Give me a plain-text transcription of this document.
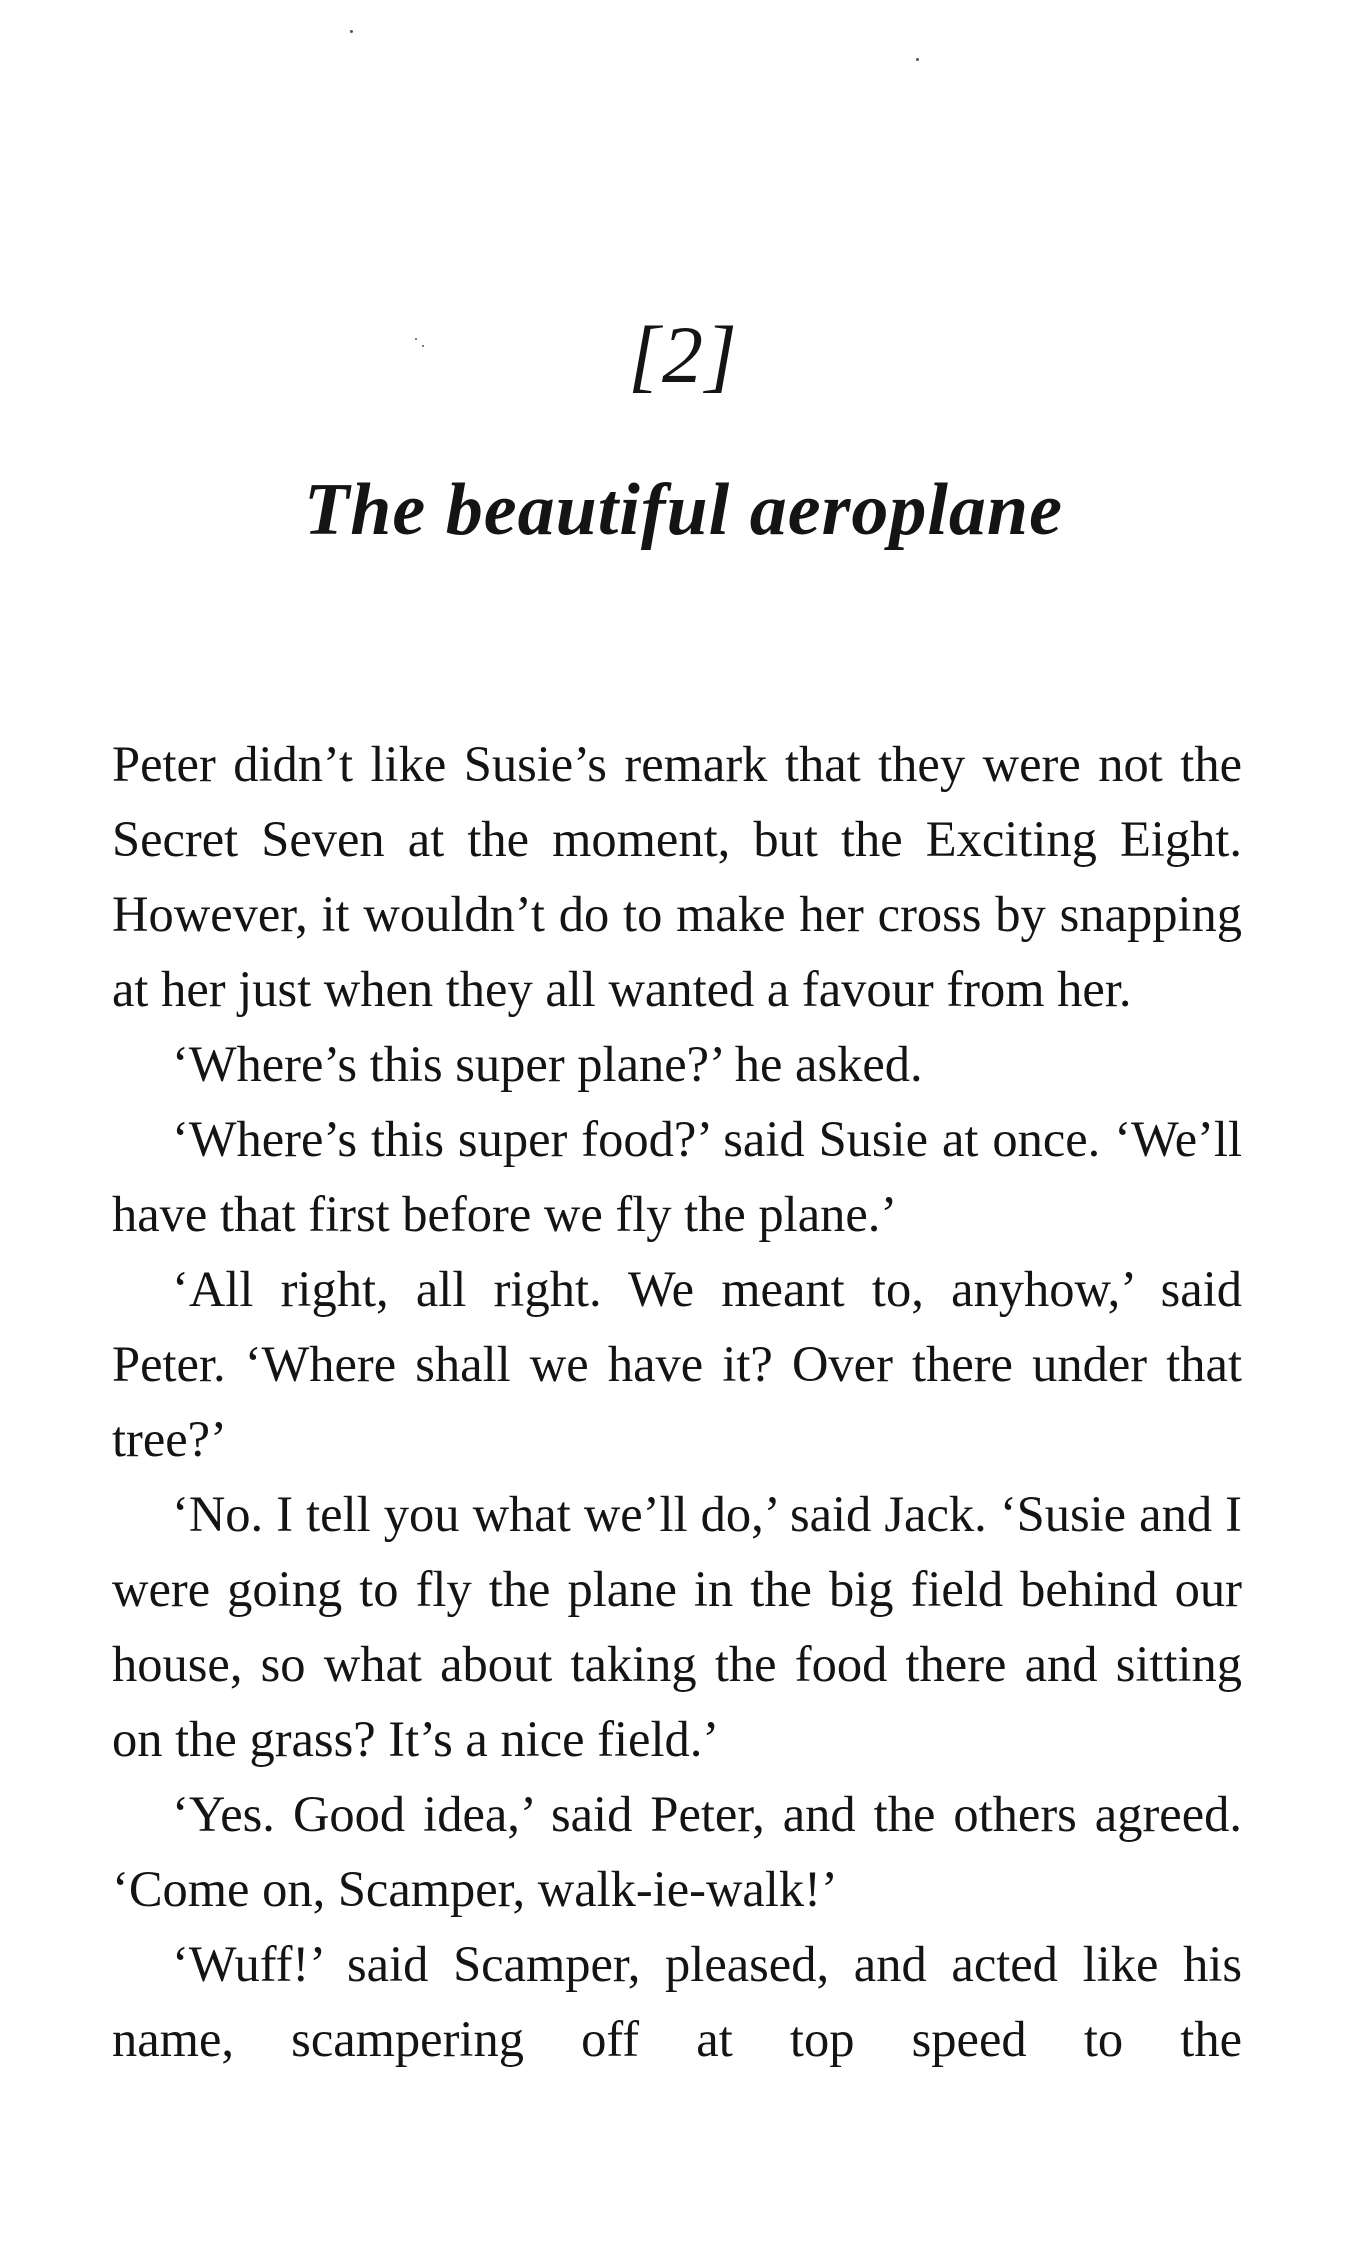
[2]
The beautiful aeroplane

Peter didn’t like Susie’s remark that they were not the Secret Seven at the moment, but the Exciting Eight. However, it wouldn’t do to make her cross by snapping at her just when they all wanted a favour from her.

‘Where’s this super plane?’ he asked.

‘Where’s this super food?’ said Susie at once. ‘We’ll have that first before we fly the plane.’

‘All right, all right. We meant to, anyhow,’ said Peter. ‘Where shall we have it? Over there under that tree?’

‘No. I tell you what we’ll do,’ said Jack. ‘Susie and I were going to fly the plane in the big field behind our house, so what about taking the food there and sitting on the grass? It’s a nice field.’

‘Yes. Good idea,’ said Peter, and the others agreed. ‘Come on, Scamper, walk-ie-walk!’

‘Wuff!’ said Scamper, pleased, and acted like his name, scampering off at top speed to the
